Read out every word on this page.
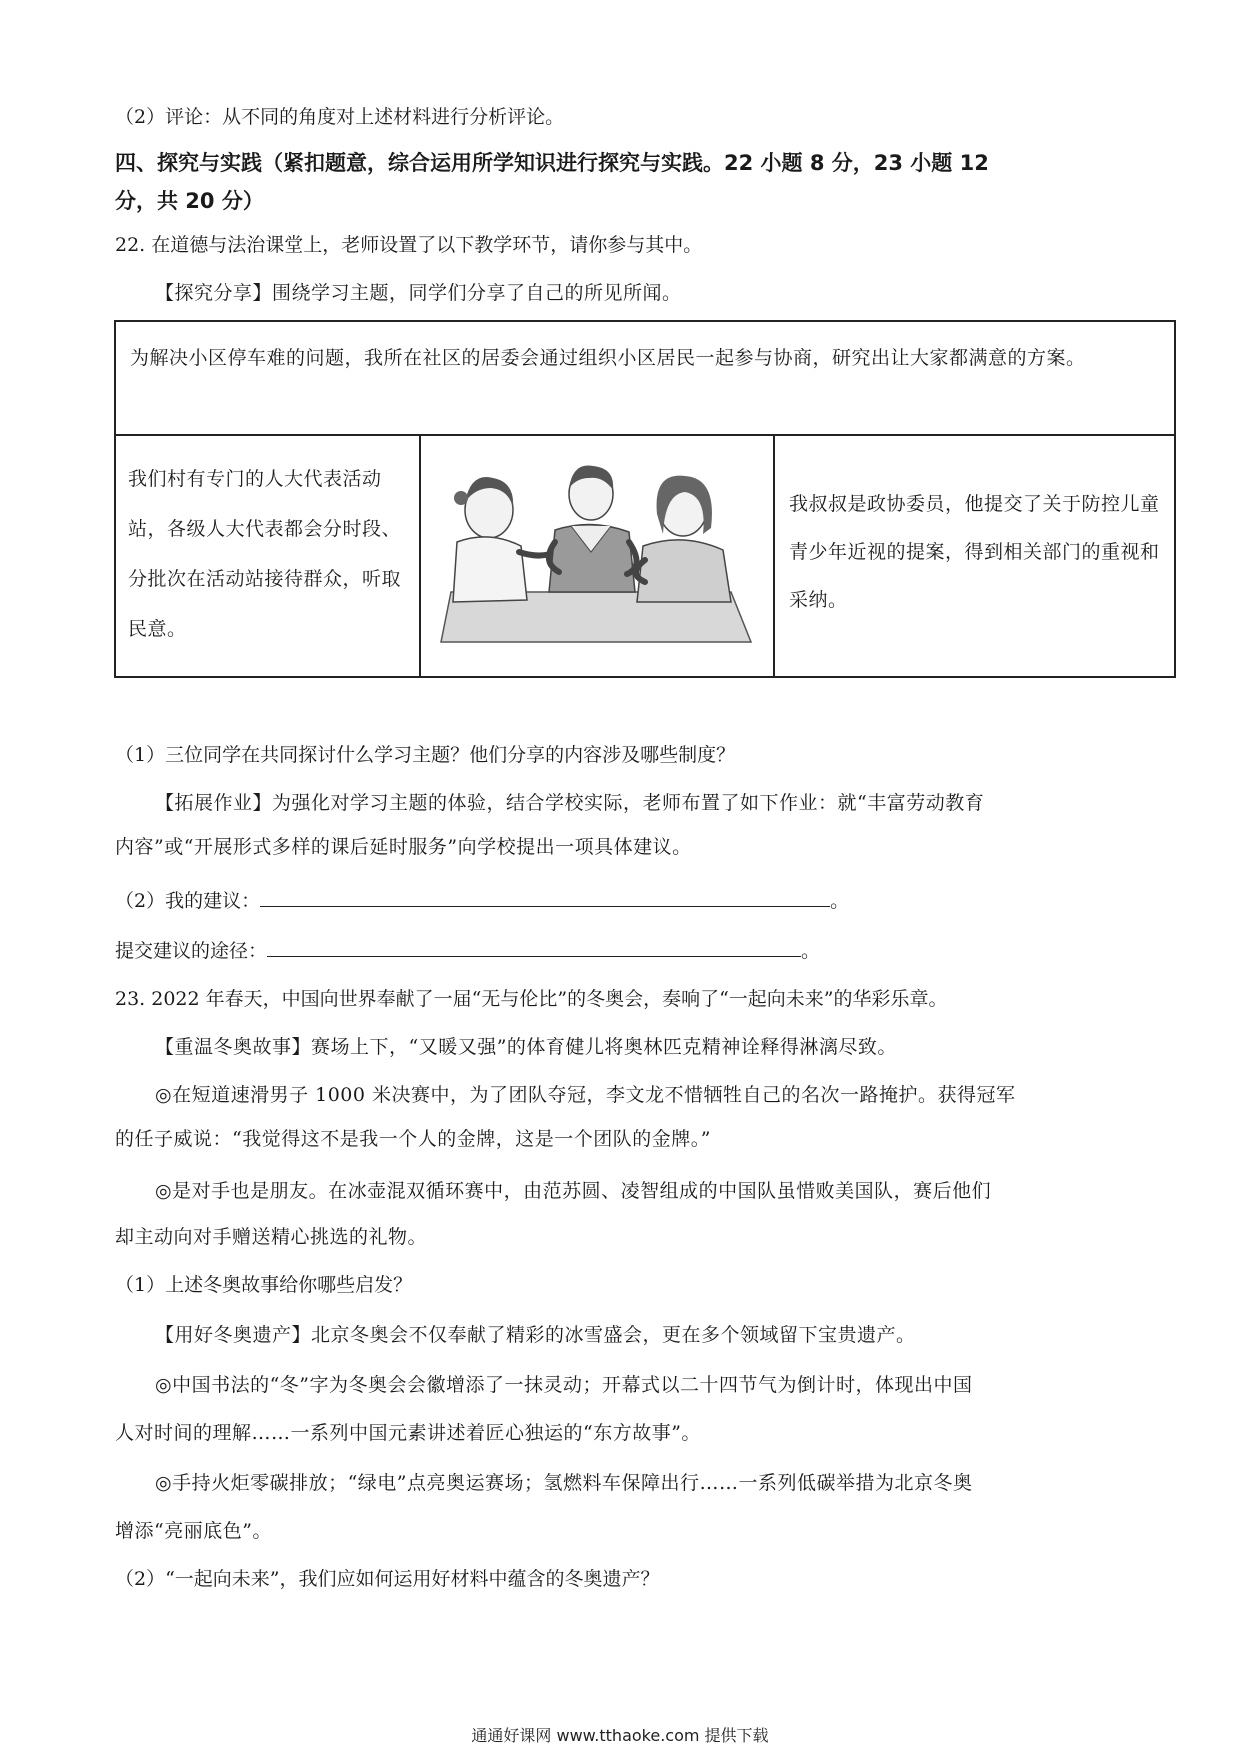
（2）评论：从不同的角度对上述材料进行分析评论。
四、探究与实践（紧扣题意，综合运用所学知识进行探究与实践。22 小题 8 分，23 小题 12
分，共 20 分）
22. 在道德与法治课堂上，老师设置了以下教学环节，请你参与其中。
【探究分享】围绕学习主题，同学们分享了自己的所见所闻。
为解决小区停车难的问题，我所在社区的居委会通过组织小区居民一起参与协商，研究出让大家都满意的方案。
我们村有专门的人大代表活动站，各级人大代表都会分时段、分批次在活动站接待群众，听取民意。
我叔叔是政协委员，他提交了关于防控儿童青少年近视的提案，得到相关部门的重视和采纳。
（1）三位同学在共同探讨什么学习主题？他们分享的内容涉及哪些制度？
【拓展作业】为强化对学习主题的体验，结合学校实际，老师布置了如下作业：就“丰富劳动教育
内容”或“开展形式多样的课后延时服务”向学校提出一项具体建议。
（2）我的建议：	。
提交建议的途径：	。
23. 2022 年春天，中国向世界奉献了一届“无与伦比”的冬奥会，奏响了“一起向未来”的华彩乐章。
【重温冬奥故事】赛场上下，“又暖又强”的体育健儿将奥林匹克精神诠释得淋漓尽致。
◎在短道速滑男子 1000 米决赛中，为了团队夺冠，李文龙不惜牺牲自己的名次一路掩护。获得冠军
的任子威说：“我觉得这不是我一个人的金牌，这是一个团队的金牌。”
◎是对手也是朋友。在冰壶混双循环赛中，由范苏圆、凌智组成的中国队虽惜败美国队，赛后他们
却主动向对手赠送精心挑选的礼物。
（1）上述冬奥故事给你哪些启发？
【用好冬奥遗产】北京冬奥会不仅奉献了精彩的冰雪盛会，更在多个领域留下宝贵遗产。
◎中国书法的“冬”字为冬奥会会徽增添了一抹灵动；开幕式以二十四节气为倒计时，体现出中国
人对时间的理解……一系列中国元素讲述着匠心独运的“东方故事”。
◎手持火炬零碳排放；“绿电”点亮奥运赛场；氢燃料车保障出行……一系列低碳举措为北京冬奥
增添“亮丽底色”。
（2）“一起向未来”，我们应如何运用好材料中蕴含的冬奥遗产？
通通好课网 www.tthaoke.com 提供下载
